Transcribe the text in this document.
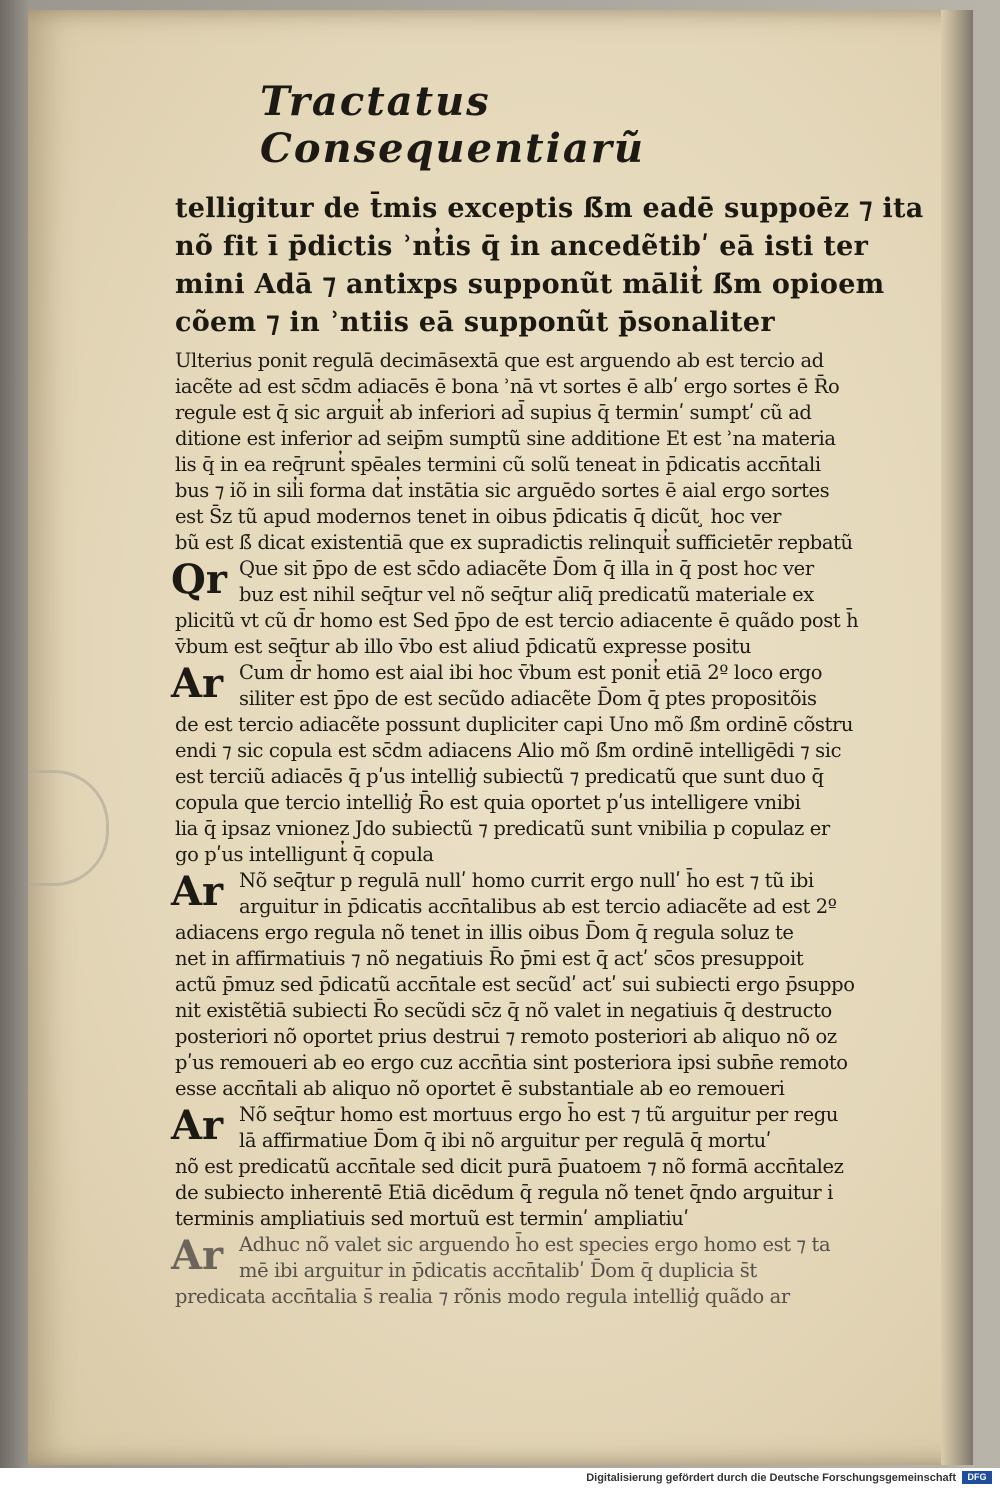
Tractatus Consequentiarũ

telligitur de t̄mis exceptis ß̄m eadē suppoēz ⁊ ita

nõ fit ī p̄dictis ʾnt̓is q̄ in ancedẽtibʹ eā isti ter

mini Adā ⁊ antixps supponũt mālit̓ ß̄m opioem

cõem ⁊ in ʾntiis eā supponũt p̄sonaliter

Ulterius ponit regulā decimāsextā que est arguendo ab est tercio ad

iacẽte ad est sc̄dm adiacēs ē bona ʾnā vt sortes ē albʹ ergo sortes ē R̄o

regule est q̄ sic arguit̓ ab inferiori ad̄ supius q̄ terminʹ sumptʹ cũ ad

ditione est inferior ad seip̄m sumptũ sine additione Et est ʾna materia

lis q̄ in ea req̄runt̓ spēales termini cũ solũ teneat in p̄dicatis accn̄tali

bus ⁊ iõ in sil̓i forma dat̓ instātia sic arguēdo sortes ē aial ergo sortes

est S̄z tũ apud modernos tenet in oibus p̄dicatis q̄ dicũt ̧ hoc ver

bũ est ß̄ dicat existentiā que ex supradictis relinquit̓ sufficietēr repbatũ

Qr Que sit p̄po de est sc̄do adiacẽte D̄om q̄ illa in q̄ post hoc ver

buz est nihil seq̄tur vel nõ seq̄tur aliq̄ predicatũ materiale ex

plicitũ vt cũ d̄r homo est Sed p̄po de est tercio adiacente ē quãdo post h̄

v̄bum est seq̄tur ab illo v̄bo est aliud p̄dicatũ expresse positu

Ar Cum d̄r homo est aial ibi hoc v̄bum est ponit̓ etiā 2º loco ergo

siliter est p̄po de est secũdo adiacẽte D̄om q̄ ptes propositõis

de est tercio adiacẽte possunt dupliciter capi Uno mõ ß̄m ordinē cõstru

endi ⁊ sic copula est sc̄dm adiacens Alio mõ ß̄m ordinē intelligēdi ⁊ sic

est terciũ adiacēs q̄ pʹus intellig̓ subiectũ ⁊ predicatũ que sunt duo q̄

copula que tercio intellig̓ R̄o est quia oportet pʹus intelligere vnibi

lia q̄ ipsaz vnionez Jdo subiectũ ⁊ predicatũ sunt vnibilia p copulaz er

go pʹus intelligunt̓ q̄ copula

Ar Nõ seq̄tur p regulā nullʹ homo currit ergo nullʹ h̄o est ⁊ tũ ibi

arguitur in p̄dicatis accn̄talibus ab est tercio adiacẽte ad est 2º

adiacens ergo regula nõ tenet in illis oibus D̄om q̄ regula soluz te

net in affirmatiuis ⁊ nõ negatiuis R̄o p̄mi est q̄ actʹ sc̄os presuppoit

actũ p̄muz sed p̄dicatũ accn̄tale est secũdʹ actʹ sui subiecti ergo p̄suppo

nit existẽtiā subiecti R̄o secũdi sc̄z q̄ nõ valet in negatiuis q̄ destructo

posteriori nõ oportet prius destrui ⁊ remoto posteriori ab aliquo nõ oz

pʹus remoueri ab eo ergo cuz accn̄tia sint posteriora ipsi subn̄e remoto

esse accn̄tali ab aliquo nõ oportet ē substantiale ab eo remoueri

Ar Nõ seq̄tur homo est mortuus ergo h̄o est ⁊ tũ arguitur per regu

lā affirmatiue D̄om q̄ ibi nõ arguitur per regulā q̄ mortuʹ

nõ est predicatũ accn̄tale sed dicit purā p̄uatoem ⁊ nõ formā accn̄talez

de subiecto inherentē Etiā dicēdum q̄ regula nõ tenet q̄ndo arguitur i

terminis ampliatiuis sed mortuũ est terminʹ ampliatiuʹ

Ar Adhuc nõ valet sic arguendo h̄o est species ergo homo est ⁊ ta

mē ibi arguitur in p̄dicatis accn̄talibʹ D̄om q̄ duplicia s̄t

predicata accn̄talia s̄ realia ⁊ rõnis modo regula intellig̓ quãdo ar

Digitalisierung gefördert durch die Deutsche Forschungsgemeinschaft	DFG
